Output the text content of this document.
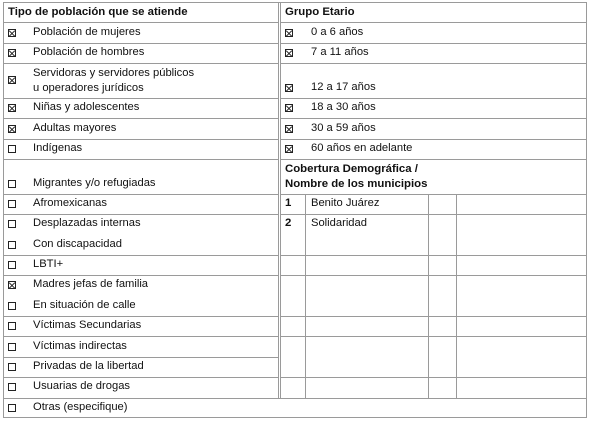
Tipo de población que se atiende
Población de mujeres
Población de hombres
Servidoras y servidores públicos
u operadores jurídicos
Niñas y adolescentes
Adultas mayores
Indígenas
Migrantes y/o refugiadas
Afromexicanas
Desplazadas internas
Con discapacidad
LBTI+
Madres jefas de familia
En situación de calle
Víctimas Secundarias
Víctimas indirectas
Privadas de la libertad
Usuarias de drogas
Otras (especifique)
Grupo Etario
0 a 6 años
7 a 11 años
12 a 17 años
18 a 30 años
30 a 59 años
60 años en adelante
Cobertura Demográfica /
Nombre de los municipios
1 Benito Juárez
2 Solidaridad
